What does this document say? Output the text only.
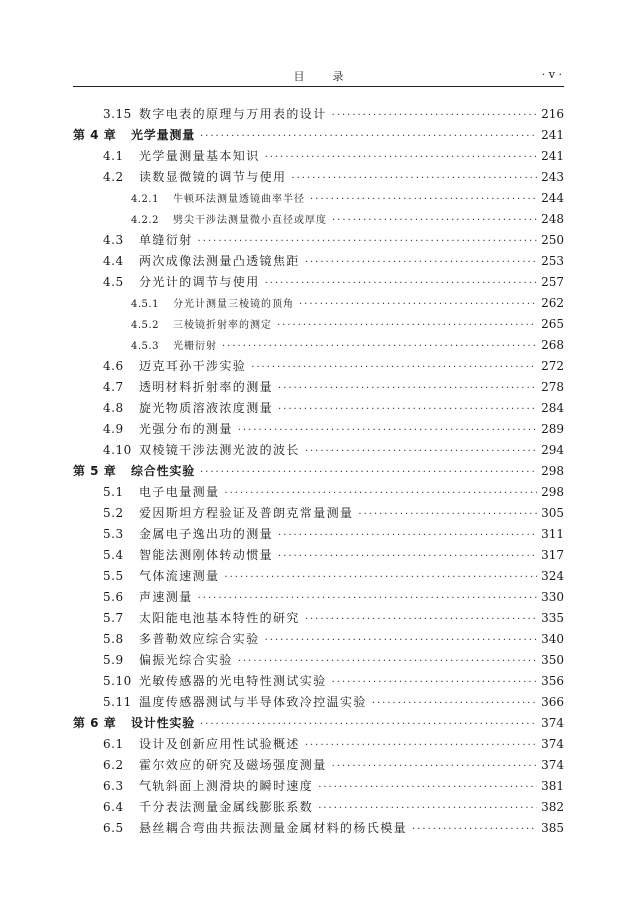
目录	· v ·
3.15 数字电表的原理与万用表的设计 ·····	216
第 4 章	光学量测量 ·····	241
4.1	光学量测量基本知识 ·····	241
4.2	读数显微镜的调节与使用 ·····	243
4.2.1	牛顿环法测量透镜曲率半径 ·····	244
4.2.2	劈尖干涉法测量微小直径或厚度 ·····	248
4.3	单缝衍射 ·····	250
4.4	两次成像法测量凸透镜焦距 ·····	253
4.5	分光计的调节与使用 ·····	257
4.5.1	分光计测量三棱镜的顶角 ·····	262
4.5.2	三棱镜折射率的测定 ·····	265
4.5.3	光栅衍射 ·····	268
4.6	迈克耳孙干涉实验 ·····	272
4.7	透明材料折射率的测量 ·····	278
4.8	旋光物质溶液浓度测量 ·····	284
4.9	光强分布的测量 ·····	289
4.10 双棱镜干涉法测光波的波长 ·····	294
第 5 章	综合性实验 ·····	298
5.1	电子电量测量 ·····	298
5.2	爱因斯坦方程验证及普朗克常量测量 ·····	305
5.3	金属电子逸出功的测量 ·····	311
5.4	智能法测刚体转动惯量 ·····	317
5.5	气体流速测量 ·····	324
5.6	声速测量 ·····	330
5.7	太阳能电池基本特性的研究 ·····	335
5.8	多普勒效应综合实验 ·····	340
5.9	偏振光综合实验 ·····	350
5.10 光敏传感器的光电特性测试实验 ·····	356
5.11 温度传感器测试与半导体致冷控温实验 ·····	366
第 6 章	设计性实验 ·····	374
6.1	设计及创新应用性试验概述 ·····	374
6.2	霍尔效应的研究及磁场强度测量 ·····	374
6.3	气轨斜面上测滑块的瞬时速度 ·····	381
6.4	千分表法测量金属线膨胀系数 ·····	382
6.5	悬丝耦合弯曲共振法测量金属材料的杨氏模量 ·····	385
